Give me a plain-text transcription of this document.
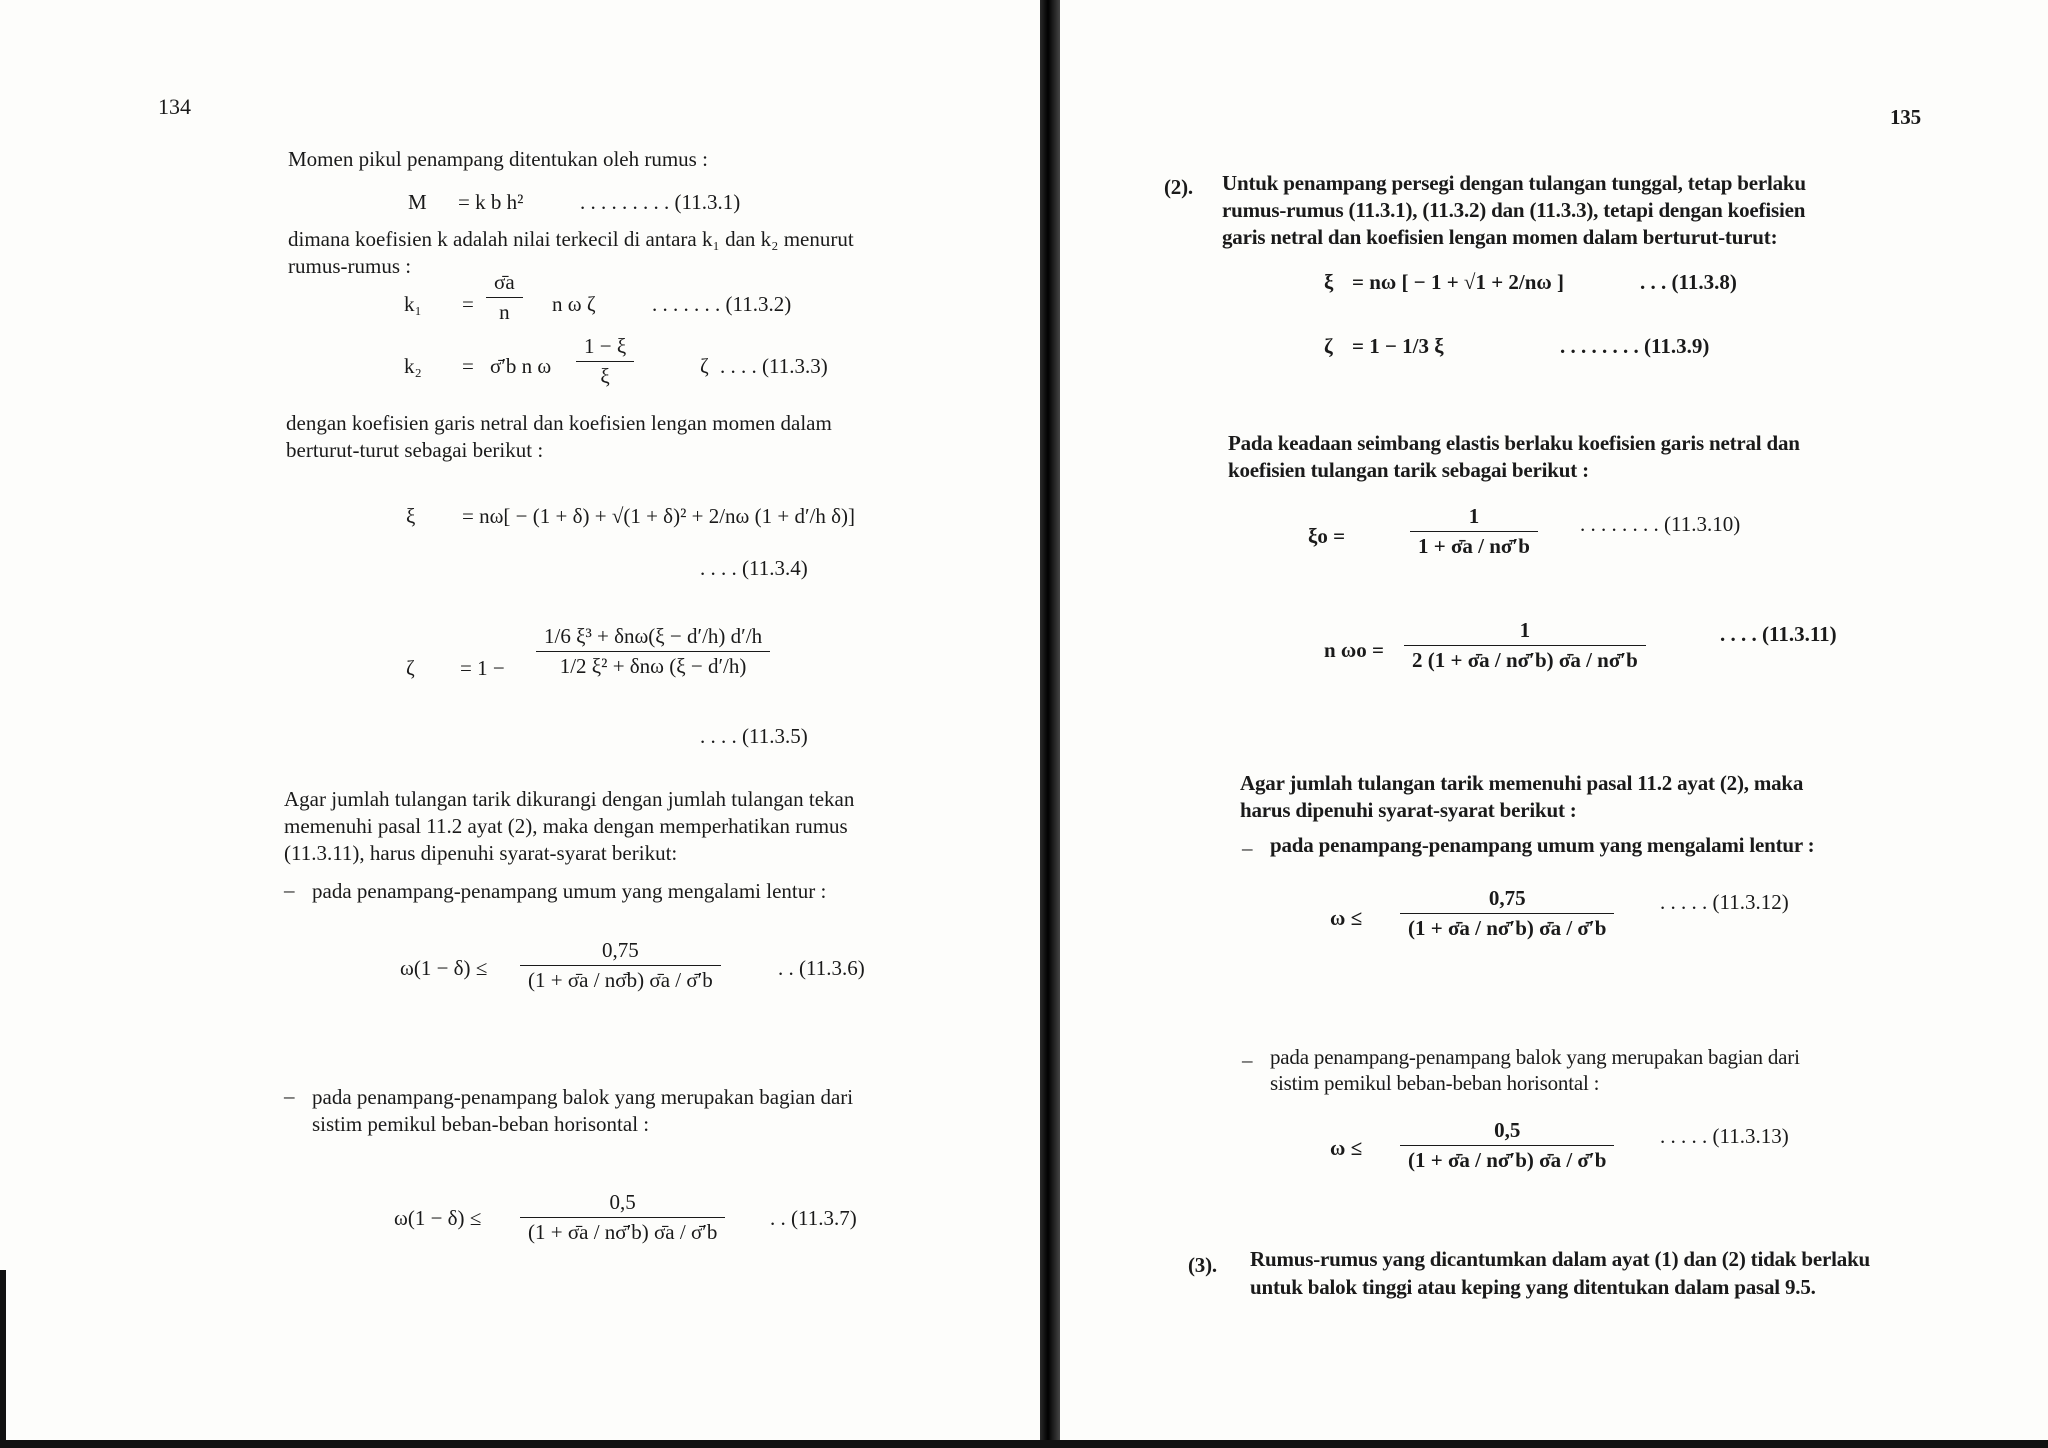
134
Momen pikul penampang ditentukan oleh rumus :
M = k b h²	. . . . . . . . . (11.3.1)
dimana koefisien k adalah nilai terkecil di antara k₁ dan k₂ menurut
rumus-rumus :
$k_1 = \frac{\sigmāa}{n}$ n ω ζ	. . . . . . . (11.3.2)
k₂ = σ̄′b n ω $\frac{1 - \xi}{\xi}$	ζ . . . . (11.3.3)
dengan koefisien garis netral dan koefisien lengan momen dalam
berturut-turut sebagai berikut :
ξ = nω[ − (1 + δ) + √(1 + δ)² + 2/nω (1 + d′/h δ)]
. . . . (11.3.4)
$\zeta = 1 - \frac{\text{1/6 ξ³ + δnω(ξ − d′/h) d′/h}}{\text{1/2 ξ² + δnω (ξ − d′/h)}}$
. . . . (11.3.5)
Agar jumlah tulangan tarik dikurangi dengan jumlah tulangan tekan
memenuhi pasal 11.2 ayat (2), maka dengan memperhatikan rumus
(11.3.11), harus dipenuhi syarat-syarat berikut:
– pada penampang-penampang umum yang mengalami lentur :
$\omega(1 - \delta) \le \frac{0,75}{(1 + \sigmāa / n\sigmāb) \sigmāa / \sigmā'b}$	. . (11.3.6)
– pada penampang-penampang balok yang merupakan bagian dari
sistim pemikul beban-beban horisontal :
$\omega(1 - \delta) \le \frac{0,5}{(1 + \sigmāa / n\sigmā'b) \sigmāa / \sigmā'b}$ . . (11.3.7)
135
(2). Untuk penampang persegi dengan tulangan tunggal, tetap berlaku
rumus-rumus (11.3.1), (11.3.2) dan (11.3.3), tetapi dengan koefisien
garis netral dan koefisien lengan momen dalam berturut-turut:
ξ = nω [ − 1 + √1 + 2/nω ]	. . . (11.3.8)
ζ = 1 − 1/3 ξ	. . . . . . . . (11.3.9)
Pada keadaan seimbang elastis berlaku koefisien garis netral dan
koefisien tulangan tarik sebagai berikut :
ξo =	$\frac{1}{1 + \sigmāa / n\sigmā'b}$ . . . . . . . . (11.3.10)
n $\omega o = \frac{1}{2 (1 + \sigmāa / n\sigmā'b) \sigmāa / n\sigmā'b}$	. . . . (11.3.11)
Agar jumlah tulangan tarik memenuhi pasal 11.2 ayat (2), maka
harus dipenuhi syarat-syarat berikut :
– pada penampang-penampang umum yang mengalami lentur :
$\omega \le \frac{0,75}{(1 + \sigmāa / n\sigmā'b) \sigmāa / \sigmā'b}$ . . . . . (11.3.12)
– pada penampang-penampang balok yang merupakan bagian dari
sistim pemikul beban-beban horisontal :
$\omega \le \frac{0,5}{(1 + \sigmāa / n\sigmā'b) \sigmāa / \sigmā'b}$ . . . . . (11.3.13)
(3). Rumus-rumus yang dicantumkan dalam ayat (1) dan (2) tidak berlaku
untuk balok tinggi atau keping yang ditentukan dalam pasal 9.5.
